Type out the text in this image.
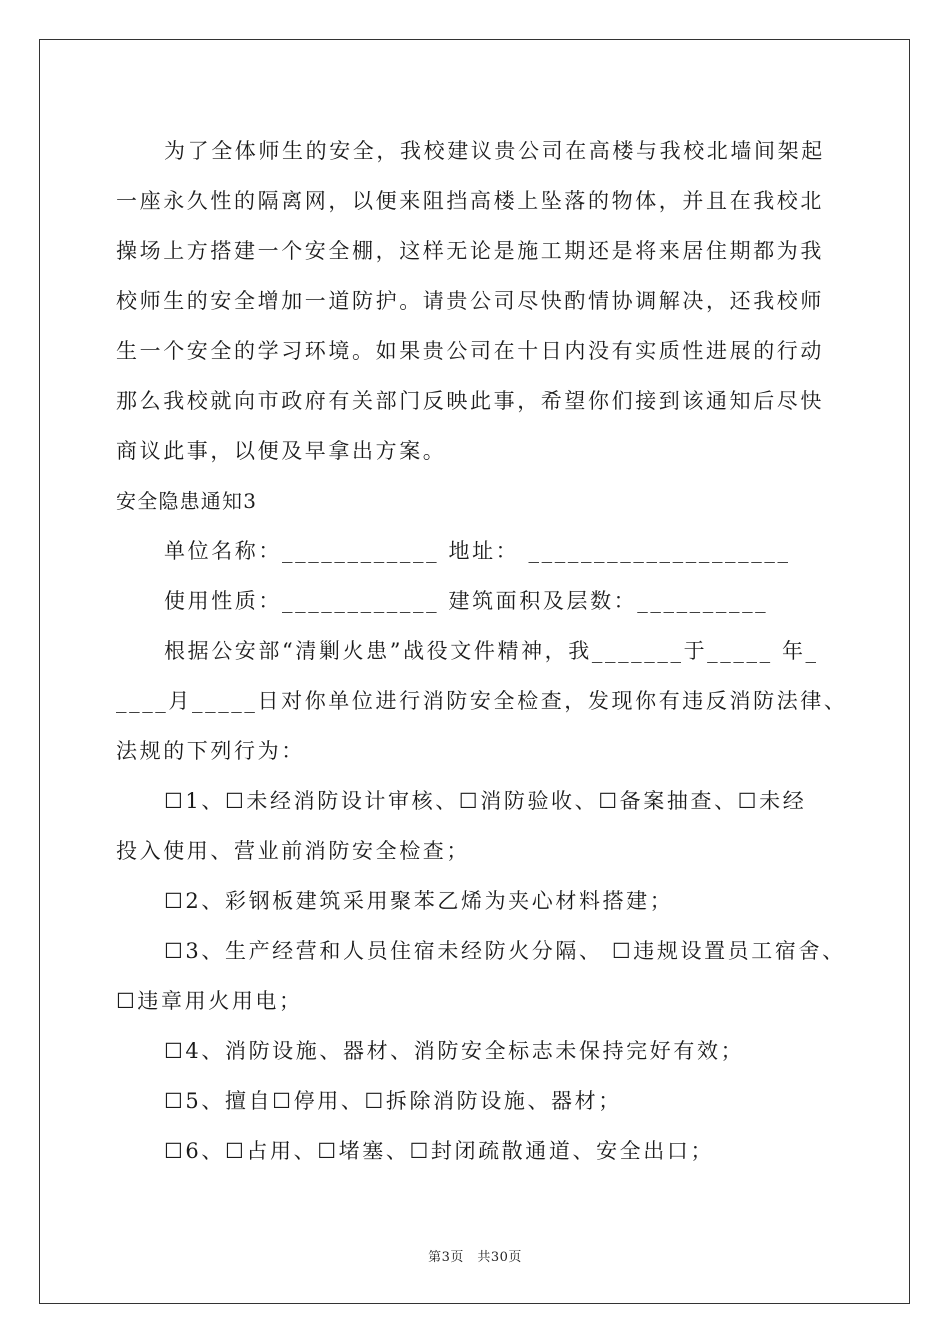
为了全体师生的安全，我校建议贵公司在高楼与我校北墙间架起
一座永久性的隔离网，以便来阻挡高楼上坠落的物体，并且在我校北
操场上方搭建一个安全棚，这样无论是施工期还是将来居住期都为我
校师生的安全增加一道防护。请贵公司尽快酌情协调解决，还我校师
生一个安全的学习环境。如果贵公司在十日内没有实质性进展的行动
那么我校就向市政府有关部门反映此事，希望你们接到该通知后尽快
商议此事，以便及早拿出方案。
安全隐患通知3
单位名称：____________ 地址： ____________________
使用性质：____________ 建筑面积及层数：__________
根据公安部“清剿火患”战役文件精神，我_______于_____ 年_
____月_____日对你单位进行消防安全检查，发现你有违反消防法律、
法规的下列行为：
☐1、☐未经消防设计审核、☐消防验收、☐备案抽查、☐未经
投入使用、营业前消防安全检查；
☐2、彩钢板建筑采用聚苯乙烯为夹心材料搭建；
☐3、生产经营和人员住宿未经防火分隔、 ☐违规设置员工宿舍、
☐违章用火用电；
☐4、消防设施、器材、消防安全标志未保持完好有效；
☐5、擅自☐停用、☐拆除消防设施、器材；
☐6、☐占用、☐堵塞、☐封闭疏散通道、安全出口；
第3页　共30页
